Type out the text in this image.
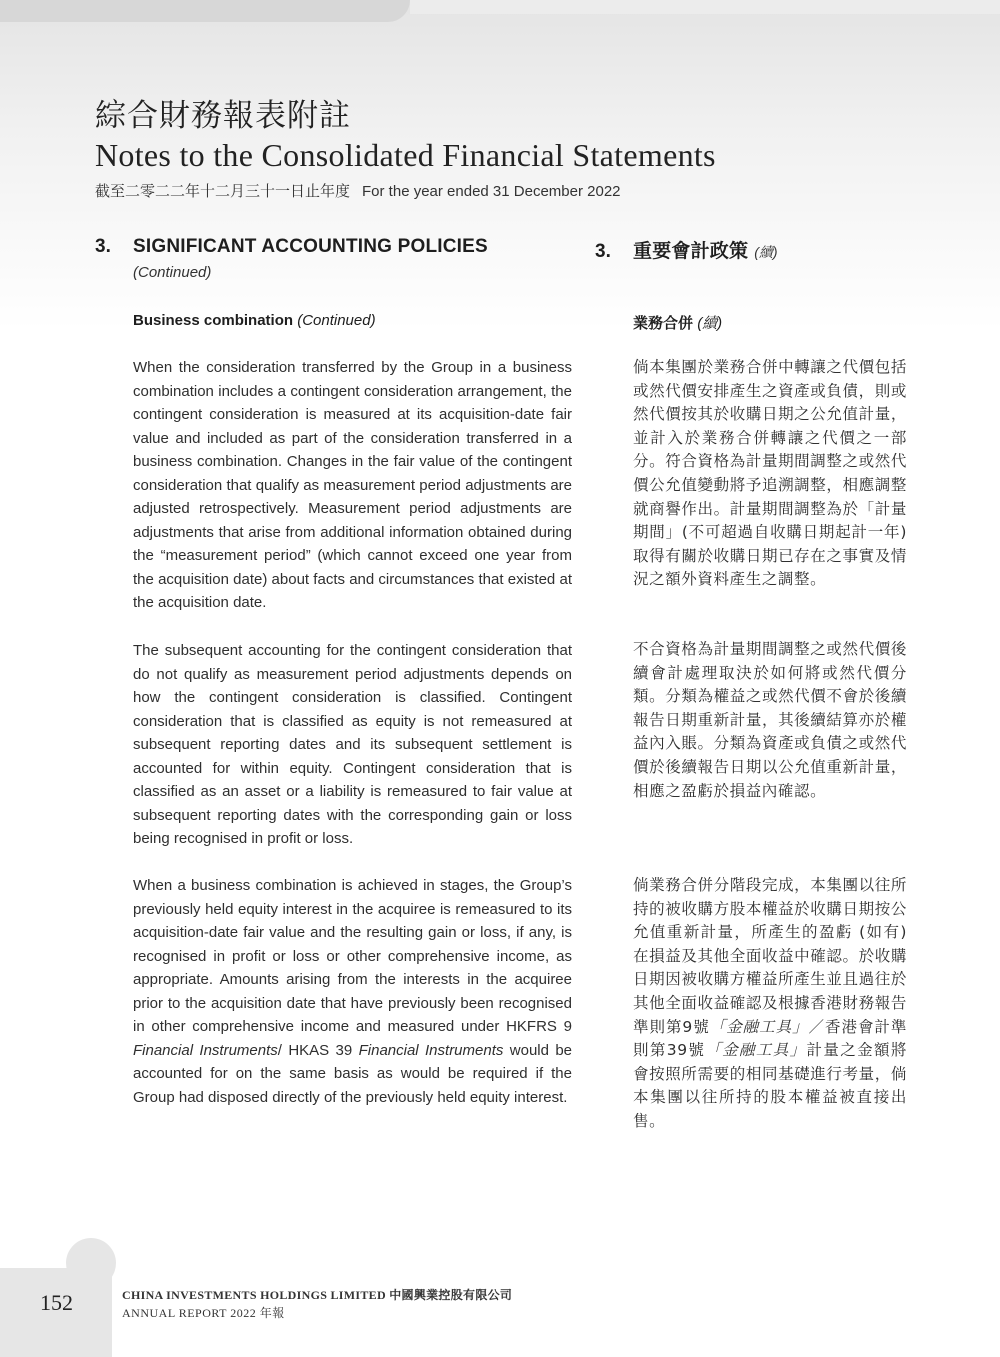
綜合財務報表附註
Notes to the Consolidated Financial Statements
截至二零二二年十二月三十一日止年度 For the year ended 31 December 2022
3.	SIGNIFICANT ACCOUNTING POLICIES
(Continued)
3.	重要會計政策 (續)
Business combination (Continued)	業務合併 (續)

When the consideration transferred by the Group in a business combination includes a contingent consideration arrangement, the contingent consideration is measured at its acquisition-date fair value and included as part of the consideration transferred in a business combination. Changes in the fair value of the contingent consideration that qualify as measurement period adjustments are adjusted retrospectively. Measurement period adjustments are adjustments that arise from additional information obtained during the “measurement period” (which cannot exceed one year from the acquisition date) about facts and circumstances that existed at the acquisition date.

The subsequent accounting for the contingent consideration that do not qualify as measurement period adjustments depends on how the contingent consideration is classified. Contingent consideration that is classified as equity is not remeasured at subsequent reporting dates and its subsequent settlement is accounted for within equity. Contingent consideration that is classified as an asset or a liability is remeasured to fair value at subsequent reporting dates with the corresponding gain or loss being recognised in profit or loss.

When a business combination is achieved in stages, the Group’s previously held equity interest in the acquiree is remeasured to its acquisition-date fair value and the resulting gain or loss, if any, is recognised in profit or loss or other comprehensive income, as appropriate. Amounts arising from the interests in the acquiree prior to the acquisition date that have previously been recognised in other comprehensive income and measured under HKFRS 9 Financial Instruments/ HKAS 39 Financial Instruments would be accounted for on the same basis as would be required if the Group had disposed directly of the previously held equity interest.

倘本集團於業務合併中轉讓之代價包括或然代價安排產生之資產或負債，則或然代價按其於收購日期之公允值計量，並計入於業務合併轉讓之代價之一部分。符合資格為計量期間調整之或然代價公允值變動將予追溯調整，相應調整就商譽作出。計量期間調整為於「計量期間」(不可超過自收購日期起計一年) 取得有關於收購日期已存在之事實及情況之額外資料產生之調整。

不合資格為計量期間調整之或然代價後續會計處理取決於如何將或然代價分類。分類為權益之或然代價不會於後續報告日期重新計量，其後續結算亦於權益內入賬。分類為資產或負債之或然代價於後續報告日期以公允值重新計量，相應之盈虧於損益內確認。

倘業務合併分階段完成，本集團以往所持的被收購方股本權益於收購日期按公允值重新計量，所產生的盈虧 (如有) 在損益及其他全面收益中確認。於收購日期因被收購方權益所產生並且過往於其他全面收益確認及根據香港財務報告準則第9號「金融工具」／香港會計準則第39號「金融工具」計量之金額將會按照所需要的相同基礎進行考量，倘本集團以往所持的股本權益被直接出售。

152	CHINA INVESTMENTS HOLDINGS LIMITED 中國興業控股有限公司
ANNUAL REPORT 2022 年報
